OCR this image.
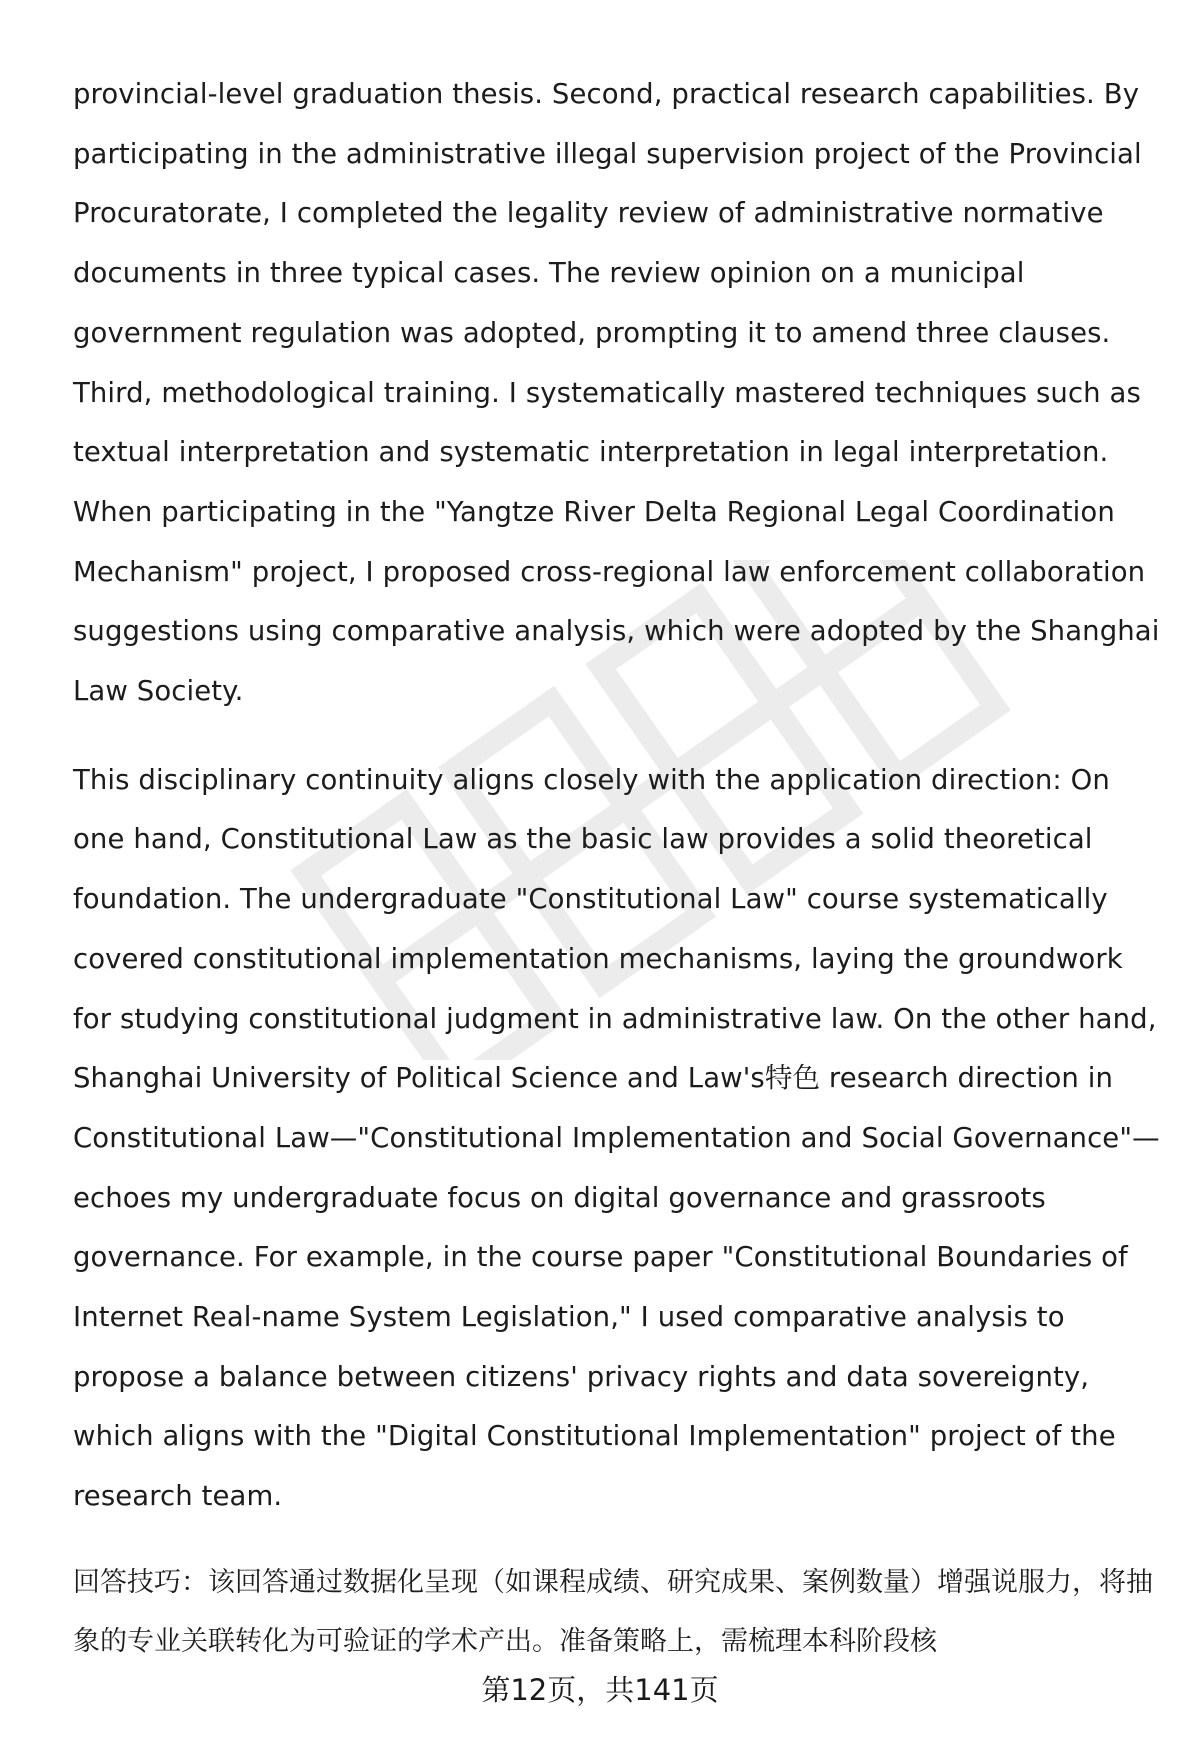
provincial-level graduation thesis. Second, practical research capabilities. By participating in the administrative illegal supervision project of the Provincial Procuratorate, I completed the legality review of administrative normative documents in three typical cases. The review opinion on a municipal government regulation was adopted, prompting it to amend three clauses. Third, methodological training. I systematically mastered techniques such as textual interpretation and systematic interpretation in legal interpretation. When participating in the "Yangtze River Delta Regional Legal Coordination Mechanism" project, I proposed cross-regional law enforcement collaboration suggestions using comparative analysis, which were adopted by the Shanghai Law Society.

This disciplinary continuity aligns closely with the application direction: On one hand, Constitutional Law as the basic law provides a solid theoretical foundation. The undergraduate "Constitutional Law" course systematically covered constitutional implementation mechanisms, laying the groundwork for studying constitutional judgment in administrative law. On the other hand, Shanghai University of Political Science and Law's特色 research direction in Constitutional Law—"Constitutional Implementation and Social Governance"—echoes my undergraduate focus on digital governance and grassroots governance. For example, in the course paper "Constitutional Boundaries of Internet Real-name System Legislation," I used comparative analysis to propose a balance between citizens' privacy rights and data sovereignty, which aligns with the "Digital Constitutional Implementation" project of the research team.

回答技巧：该回答通过数据化呈现（如课程成绩、研究成果、案例数量）增强说服力，将抽象的专业关联转化为可验证的学术产出。准备策略上，需梳理本科阶段核

第12页，共141页
